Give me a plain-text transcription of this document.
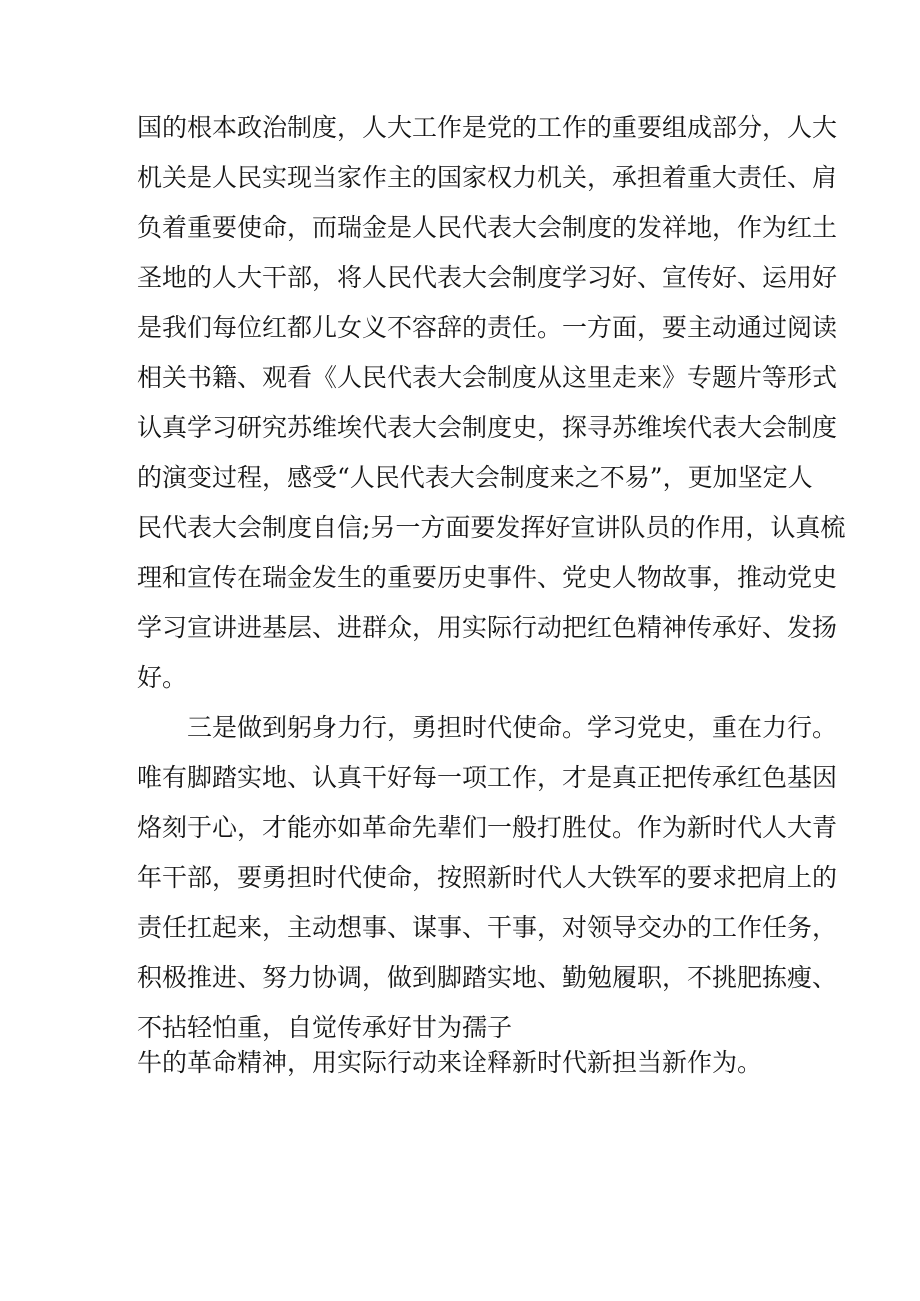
国的根本政治制度，人大工作是党的工作的重要组成部分，人大
机关是人民实现当家作主的国家权力机关，承担着重大责任、肩
负着重要使命，而瑞金是人民代表大会制度的发祥地，作为红土
圣地的人大干部，将人民代表大会制度学习好、宣传好、运用好
是我们每位红都儿女义不容辞的责任。一方面，要主动通过阅读
相关书籍、观看《人民代表大会制度从这里走来》专题片等形式
认真学习研究苏维埃代表大会制度史，探寻苏维埃代表大会制度
的演变过程，感受“人民代表大会制度来之不易”，更加坚定人
民代表大会制度自信;另一方面要发挥好宣讲队员的作用，认真梳
理和宣传在瑞金发生的重要历史事件、党史人物故事，推动党史
学习宣讲进基层、进群众，用实际行动把红色精神传承好、发扬
好。
三是做到躬身力行，勇担时代使命。学习党史，重在力行。
唯有脚踏实地、认真干好每一项工作，才是真正把传承红色基因
烙刻于心，才能亦如革命先辈们一般打胜仗。作为新时代人大青
年干部，要勇担时代使命，按照新时代人大铁军的要求把肩上的
责任扛起来，主动想事、谋事、干事，对领导交办的工作任务，
积极推进、努力协调，做到脚踏实地、勤勉履职，不挑肥拣瘦、
不拈轻怕重，自觉传承好甘为孺子
牛的革命精神，用实际行动来诠释新时代新担当新作为。
